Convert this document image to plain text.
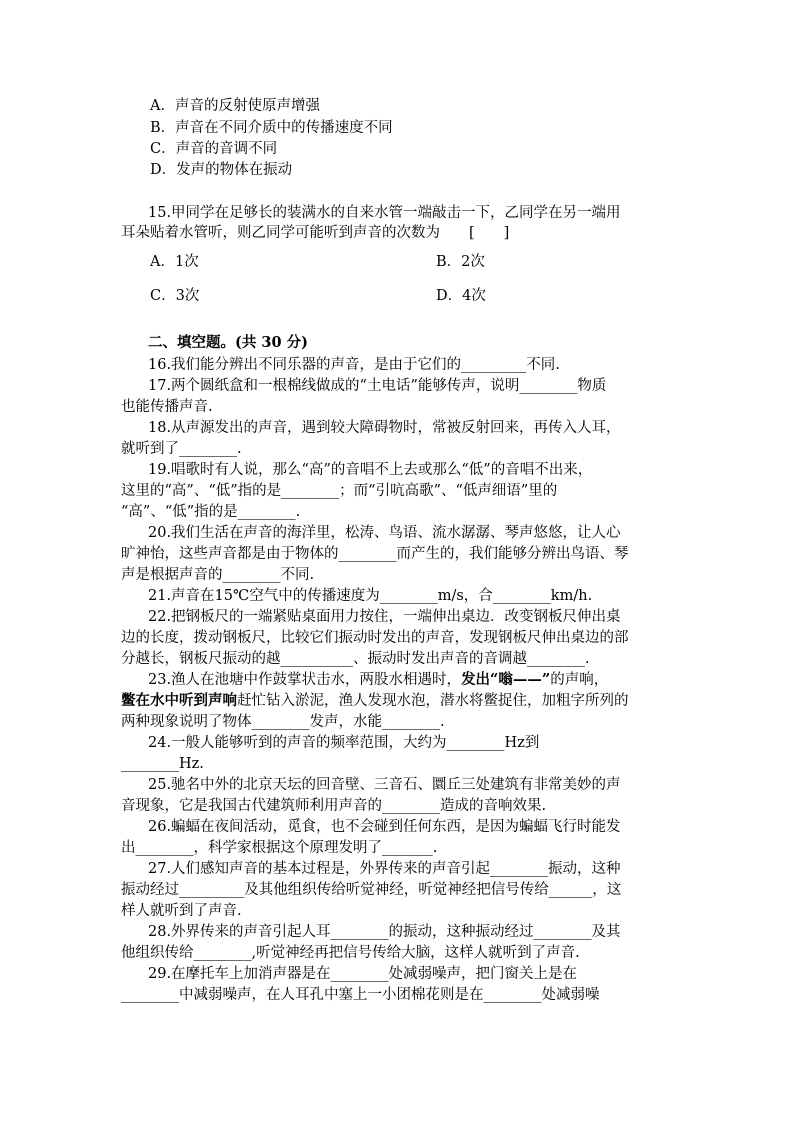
A．声音的反射使原声增强
B．声音在不同介质中的传播速度不同
C．声音的音调不同
D．发声的物体在振动
15.甲同学在足够长的装满水的自来水管一端敲击一下，乙同学在另一端用
耳朵贴着水管听，则乙同学可能听到声音的次数为　　[　　]
A．1次	B．2次
C．3次	D．4次
二、填空题。(共 30 分)
16.我们能分辨出不同乐器的声音，是由于它们的_________不同.
17.两个圆纸盒和一根棉线做成的“土电话”能够传声，说明________物质
也能传播声音.
18.从声源发出的声音，遇到较大障碍物时，常被反射回来，再传入人耳，
就听到了________.
19.唱歌时有人说，那么“高”的音唱不上去或那么“低”的音唱不出来，
这里的“高”、“低”指的是________；而“引吭高歌”、“低声细语”里的
“高”、“低”指的是________.
20.我们生活在声音的海洋里，松涛、鸟语、流水潺潺、琴声悠悠，让人心
旷神怡，这些声音都是由于物体的________而产生的，我们能够分辨出鸟语、琴
声是根据声音的________不同.
21.声音在15℃空气中的传播速度为________m/s，合________km/h.
22.把钢板尺的一端紧贴桌面用力按住，一端伸出桌边．改变钢板尺伸出桌
边的长度，拨动钢板尺，比较它们振动时发出的声音，发现钢板尺伸出桌边的部
分越长，钢板尺振动的越__________、振动时发出声音的音调越________.
23.渔人在池塘中作鼓掌状击水，两股水相遇时，发出“嗡——”的声响，
鳖在水中听到声响赶忙钻入淤泥，渔人发现水泡，潜水将鳖捉住，加粗字所列的
两种现象说明了物体________发声，水能________.
24.一般人能够听到的声音的频率范围，大约为________Hz到
________Hz.
25.驰名中外的北京天坛的回音壁、三音石、圜丘三处建筑有非常美妙的声
音现象，它是我国古代建筑师利用声音的________造成的音响效果.
26.蝙蝠在夜间活动，觅食，也不会碰到任何东西，是因为蝙蝠飞行时能发
出________，科学家根据这个原理发明了_______.
27.人们感知声音的基本过程是，外界传来的声音引起________振动，这种
振动经过_________及其他组织传给听觉神经，听觉神经把信号传给______，这
样人就听到了声音.
28.外界传来的声音引起人耳________的振动，这种振动经过________及其
他组织传给________,听觉神经再把信号传给大脑，这样人就听到了声音.
29.在摩托车上加消声器是在________处减弱噪声，把门窗关上是在
________中减弱噪声，在人耳孔中塞上一小团棉花则是在________处减弱噪
